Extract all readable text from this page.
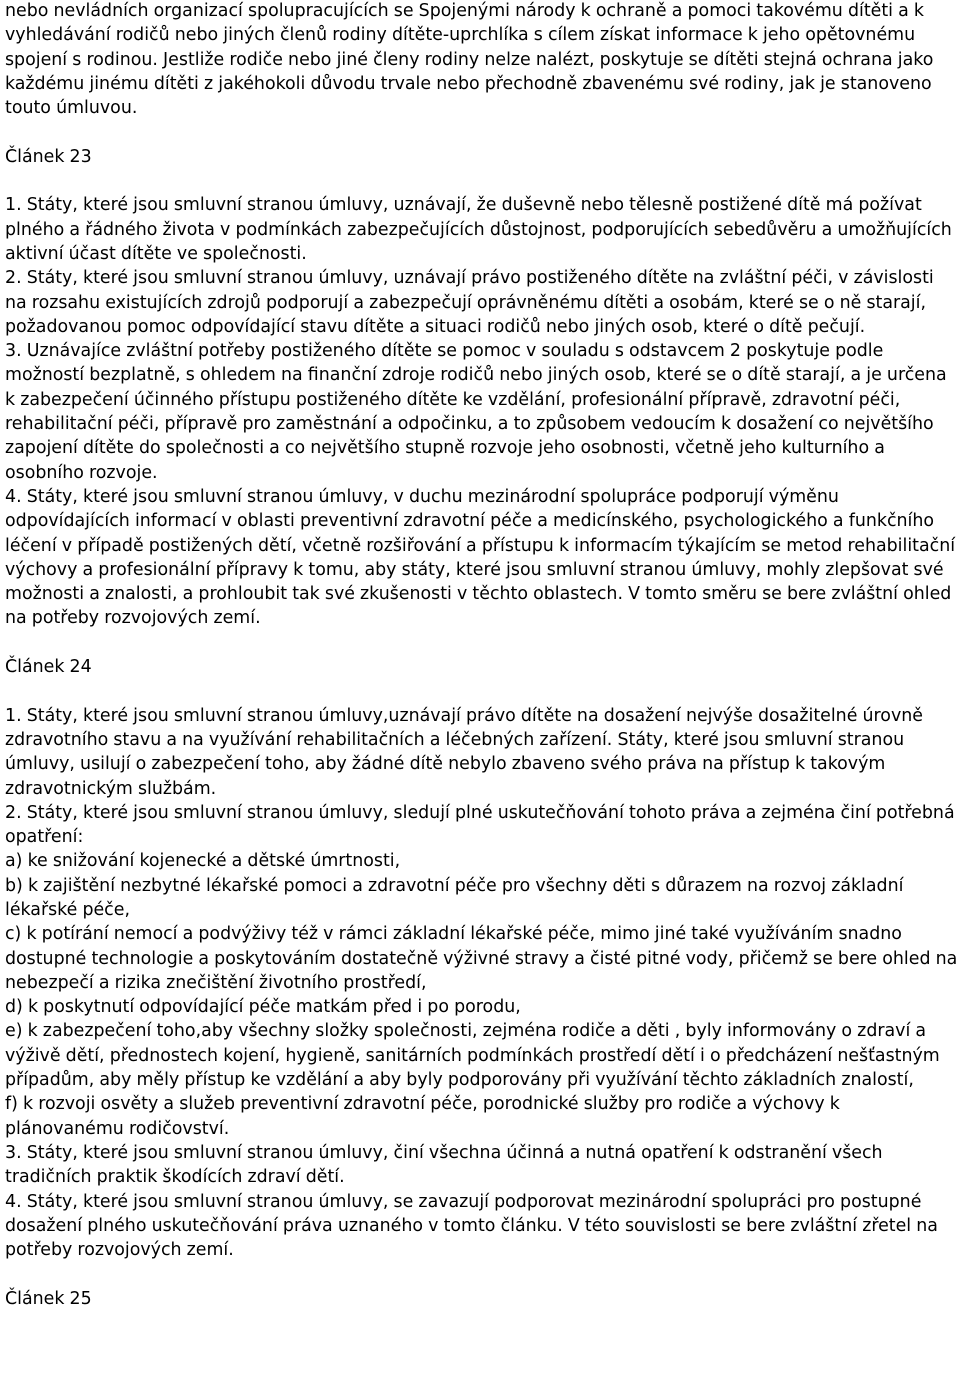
nebo nevládních organizací spolupracujících se Spojenými národy k ochraně a pomoci takovému dítěti a k vyhledávání rodičů nebo jiných členů rodiny dítěte-uprchlíka s cílem získat informace k jeho opětovnému spojení s rodinou. Jestliže rodiče nebo jiné členy rodiny nelze nalézt, poskytuje se dítěti stejná ochrana jako každému jinému dítěti z jakéhokoli důvodu trvale nebo přechodně zbavenému své rodiny, jak je stanoveno touto úmluvou.

Článek 23

1. Státy, které jsou smluvní stranou úmluvy, uznávají, že duševně nebo tělesně postižené dítě má požívat plného a řádného života v podmínkách zabezpečujících důstojnost, podporujících sebedůvěru a umožňujících aktivní účast dítěte ve společnosti.

2. Státy, které jsou smluvní stranou úmluvy, uznávají právo postiženého dítěte na zvláštní péči, v závislosti na rozsahu existujících zdrojů podporují a zabezpečují oprávněnému dítěti a osobám, které se o ně starají, požadovanou pomoc odpovídající stavu dítěte a situaci rodičů nebo jiných osob, které o dítě pečují.

3. Uznávajíce zvláštní potřeby postiženého dítěte se pomoc v souladu s odstavcem 2 poskytuje podle možností bezplatně, s ohledem na finanční zdroje rodičů nebo jiných osob, které se o dítě starají, a je určena k zabezpečení účinného přístupu postiženého dítěte ke vzdělání, profesionální přípravě, zdravotní péči, rehabilitační péči, přípravě pro zaměstnání a odpočinku, a to způsobem vedoucím k dosažení co největšího zapojení dítěte do společnosti a co největšího stupně rozvoje jeho osobnosti, včetně jeho kulturního a osobního rozvoje.

4. Státy, které jsou smluvní stranou úmluvy, v duchu mezinárodní spolupráce podporují výměnu odpovídajících informací v oblasti preventivní zdravotní péče a medicínského, psychologického a funkčního léčení v případě postižených dětí, včetně rozšiřování a přístupu k informacím týkajícím se metod rehabilitační výchovy a profesionální přípravy k tomu, aby státy, které jsou smluvní stranou úmluvy, mohly zlepšovat své možnosti a znalosti, a prohloubit tak své zkušenosti v těchto oblastech. V tomto směru se bere zvláštní ohled na potřeby rozvojových zemí.

Článek 24

1. Státy, které jsou smluvní stranou úmluvy,uznávají právo dítěte na dosažení nejvýše dosažitelné úrovně zdravotního stavu a na využívání rehabilitačních a léčebných zařízení. Státy, které jsou smluvní stranou úmluvy, usilují o zabezpečení toho, aby žádné dítě nebylo zbaveno svého práva na přístup k takovým zdravotnickým službám.

2. Státy, které jsou smluvní stranou úmluvy, sledují plné uskutečňování tohoto práva a zejména činí potřebná opatření:

a) ke snižování kojenecké a dětské úmrtnosti,

b) k zajištění nezbytné lékařské pomoci a zdravotní péče pro všechny děti s důrazem na rozvoj základní lékařské péče,

c) k potírání nemocí a podvýživy též v rámci základní lékařské péče, mimo jiné také využíváním snadno dostupné technologie a poskytováním dostatečně výživné stravy a čisté pitné vody, přičemž se bere ohled na nebezpečí a rizika znečištění životního prostředí,

d) k poskytnutí odpovídající péče matkám před i po porodu,

e) k zabezpečení toho,aby všechny složky společnosti, zejména rodiče a děti , byly informovány o zdraví a výživě dětí, přednostech kojení, hygieně, sanitárních podmínkách prostředí dětí i o předcházení nešťastným případům, aby měly přístup ke vzdělání a aby byly podporovány při využívání těchto základních znalostí,

f) k rozvoji osvěty a služeb preventivní zdravotní péče, porodnické služby pro rodiče a výchovy k plánovanému rodičovství.

3. Státy, které jsou smluvní stranou úmluvy, činí všechna účinná a nutná opatření k odstranění všech tradičních praktik škodících zdraví dětí.

4. Státy, které jsou smluvní stranou úmluvy, se zavazují podporovat mezinárodní spolupráci pro postupné dosažení plného uskutečňování práva uznaného v tomto článku. V této souvislosti se bere zvláštní zřetel na potřeby rozvojových zemí.

Článek 25
